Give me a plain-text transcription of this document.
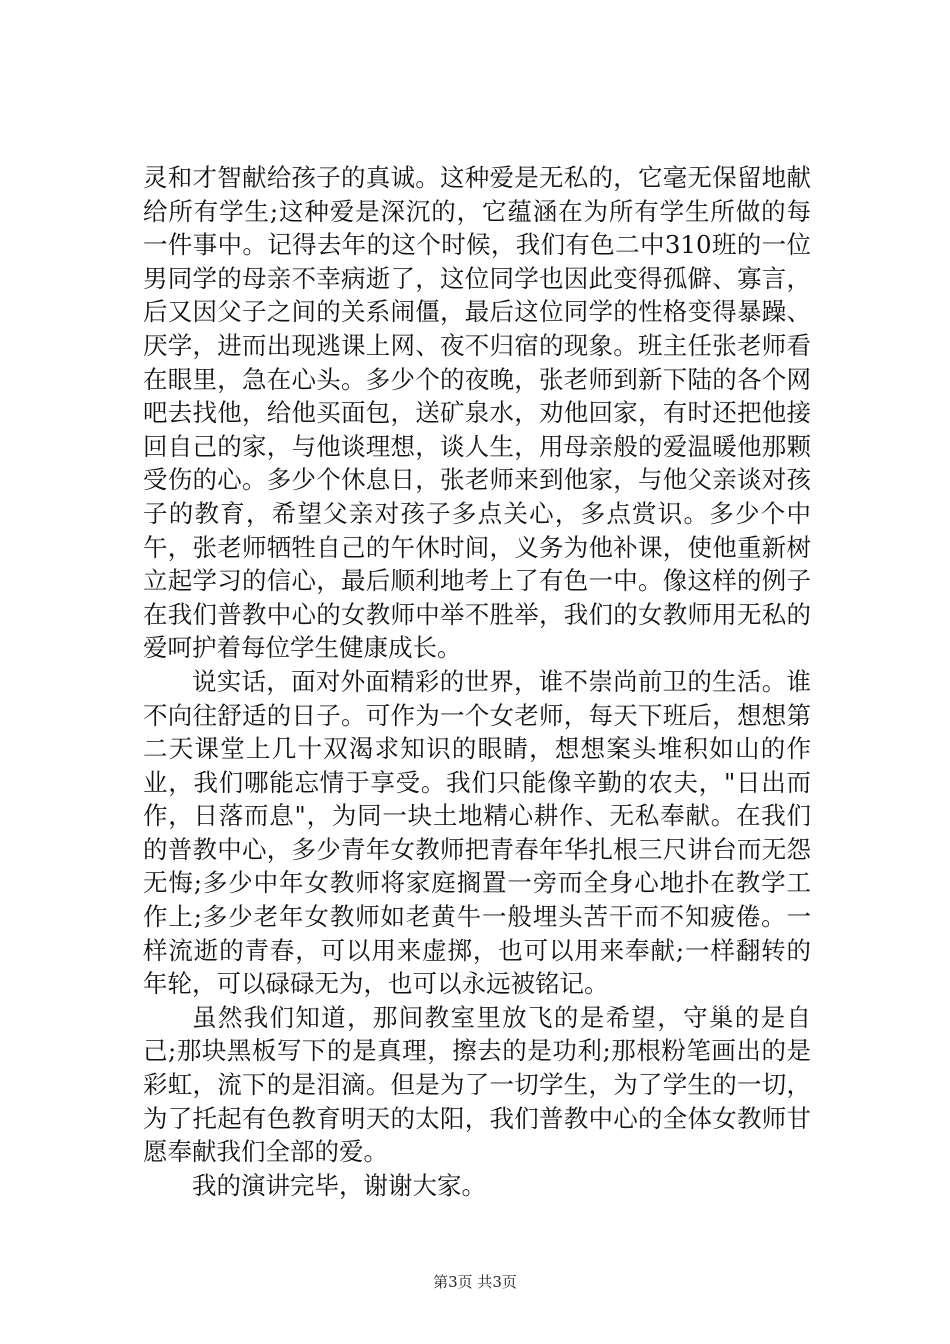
灵和才智献给孩子的真诚。这种爱是无私的，它毫无保留地献给所有学生;这种爱是深沉的，它蕴涵在为所有学生所做的每一件事中。记得去年的这个时候，我们有色二中310班的一位男同学的母亲不幸病逝了，这位同学也因此变得孤僻、寡言，后又因父子之间的关系闹僵，最后这位同学的性格变得暴躁、厌学，进而出现逃课上网、夜不归宿的现象。班主任张老师看在眼里，急在心头。多少个的夜晚，张老师到新下陆的各个网吧去找他，给他买面包，送矿泉水，劝他回家，有时还把他接回自己的家，与他谈理想，谈人生，用母亲般的爱温暖他那颗受伤的心。多少个休息日，张老师来到他家，与他父亲谈对孩子的教育，希望父亲对孩子多点关心，多点赏识。多少个中午，张老师牺牲自己的午休时间，义务为他补课，使他重新树立起学习的信心，最后顺利地考上了有色一中。像这样的例子在我们普教中心的女教师中举不胜举，我们的女教师用无私的爱呵护着每位学生健康成长。

说实话，面对外面精彩的世界，谁不崇尚前卫的生活。谁不向往舒适的日子。可作为一个女老师，每天下班后，想想第二天课堂上几十双渴求知识的眼睛，想想案头堆积如山的作业，我们哪能忘情于享受。我们只能像辛勤的农夫，"日出而作，日落而息"，为同一块土地精心耕作、无私奉献。在我们的普教中心，多少青年女教师把青春年华扎根三尺讲台而无怨无悔;多少中年女教师将家庭搁置一旁而全身心地扑在教学工作上;多少老年女教师如老黄牛一般埋头苦干而不知疲倦。一样流逝的青春，可以用来虚掷，也可以用来奉献;一样翻转的年轮，可以碌碌无为，也可以永远被铭记。

虽然我们知道，那间教室里放飞的是希望，守巢的是自己;那块黑板写下的是真理，擦去的是功利;那根粉笔画出的是彩虹，流下的是泪滴。但是为了一切学生，为了学生的一切，为了托起有色教育明天的太阳，我们普教中心的全体女教师甘愿奉献我们全部的爱。

我的演讲完毕，谢谢大家。

第3页 共3页
